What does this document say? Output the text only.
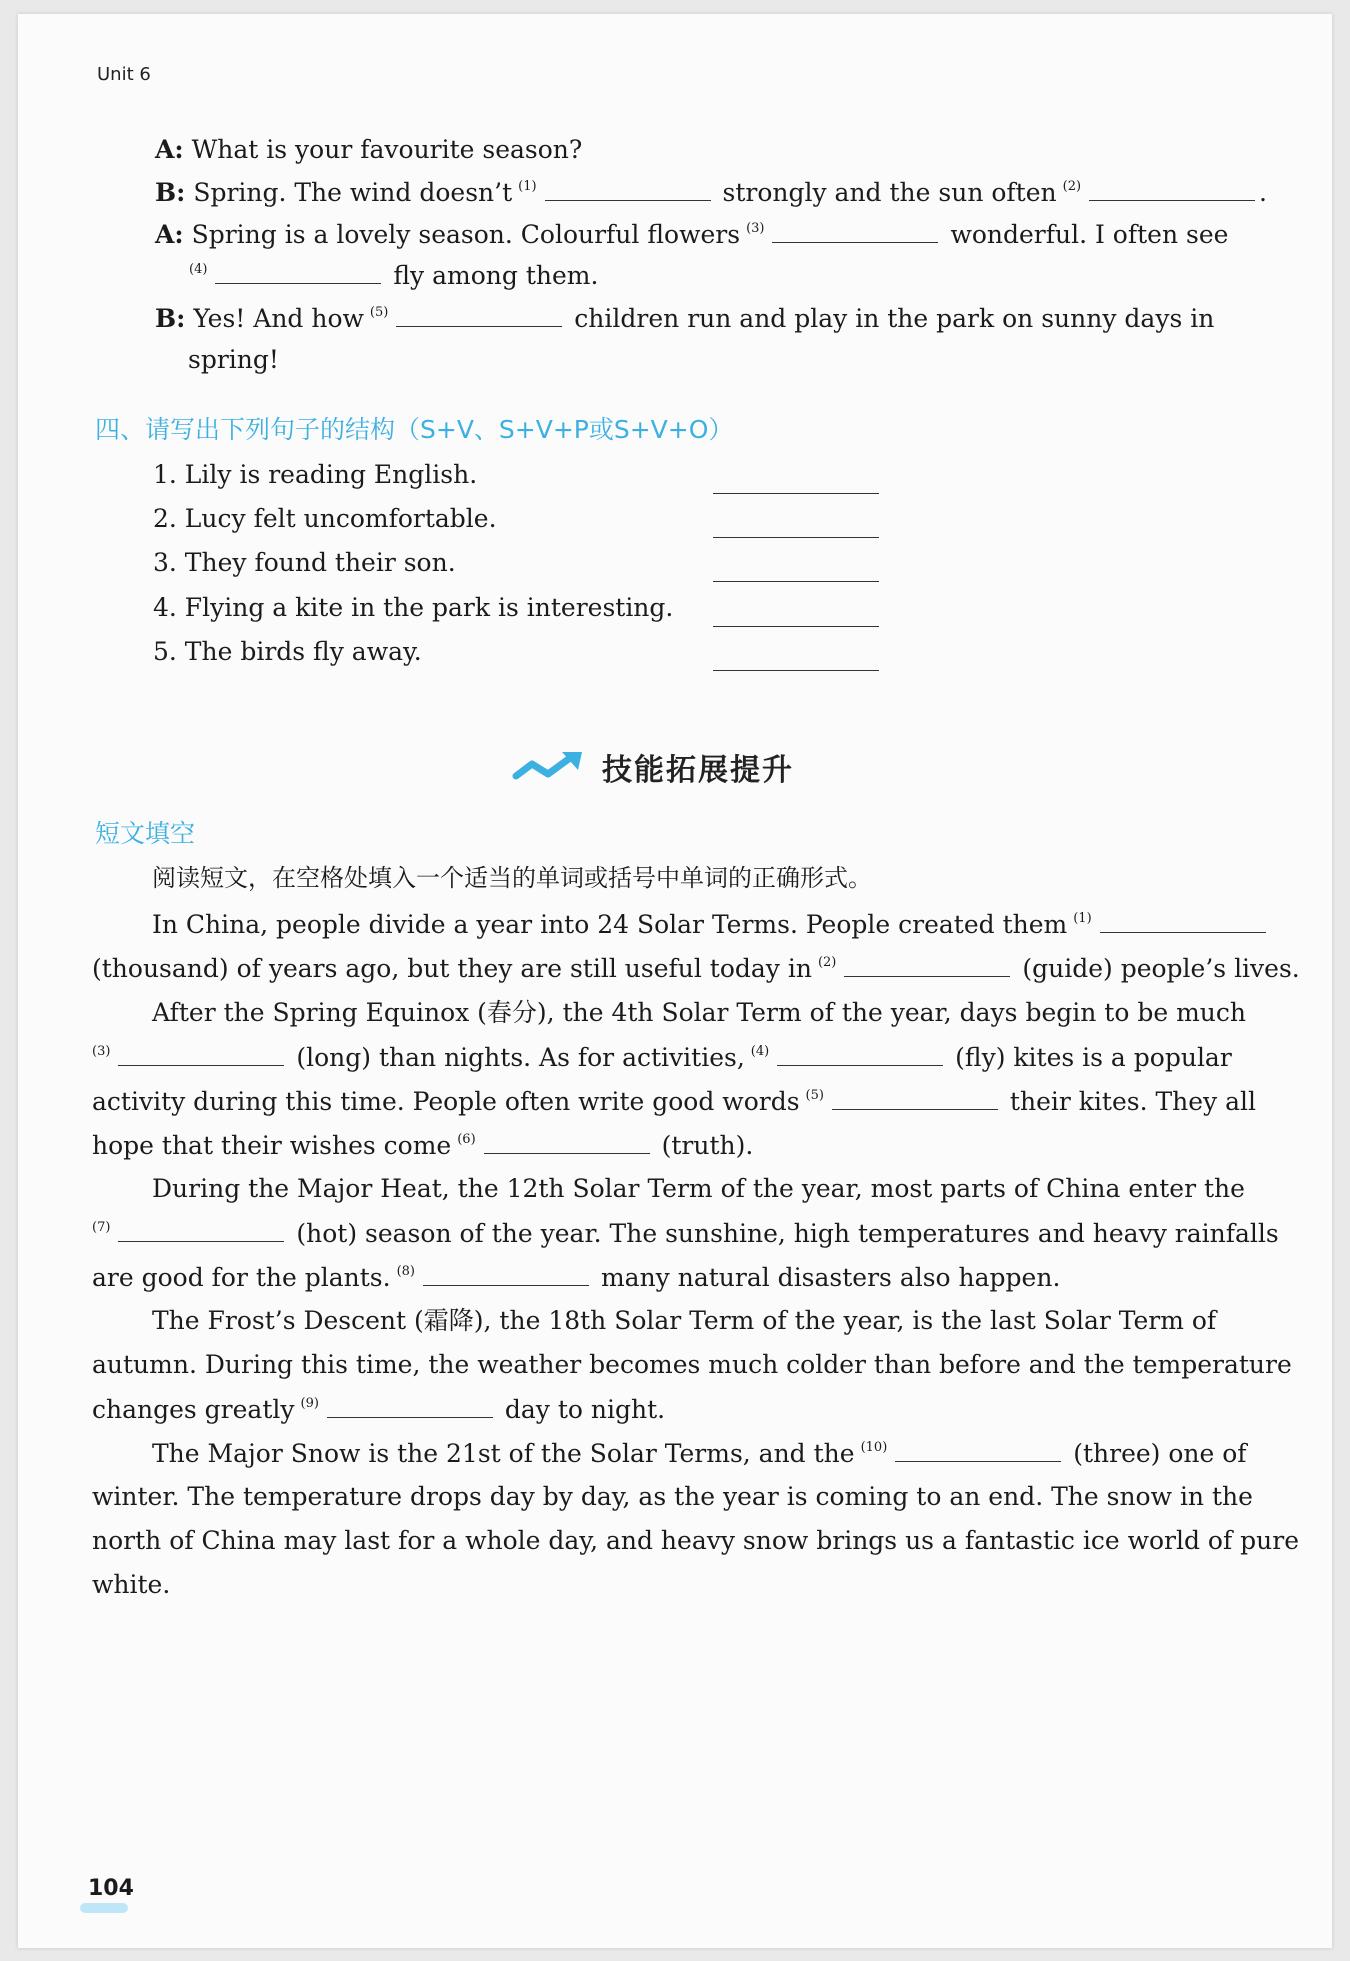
Unit 6
A: What is your favourite season?
B: Spring. The wind doesn’t $^{(1)}$	strongly and the sun often $^{(2)}$	.
A: Spring is a lovely season. Colourful flowers $^{(3)}$	wonderful. I often see
$^{(4)}$	fly among them.
B: Yes! And how $^{(5)}$	children run and play in the park on sunny days in
spring!
四、请写出下列句子的结构（S+V、S+V+P或S+V+O）
1. Lily is reading English.
2. Lucy felt uncomfortable.
3. They found their son.
4. Flying a kite in the park is interesting.
5. The birds fly away.
技能拓展提升
短文填空
阅读短文，在空格处填入一个适当的单词或括号中单词的正确形式。
In China, people divide a year into 24 Solar Terms. People created them $^{(1)}$
(thousand) of years ago, but they are still useful today in $^{(2)}$	(guide) people’s lives.
After the Spring Equinox (春分), the 4th Solar Term of the year, days begin to be much
$^{(3)}$	(long) than nights. As for activities, $^{(4)}$	(fly) kites is a popular
activity during this time. People often write good words $^{(5)}$	their kites. They all
hope that their wishes come $^{(6)}$	(truth).
During the Major Heat, the 12th Solar Term of the year, most parts of China enter the
$^{(7)}$	(hot) season of the year. The sunshine, high temperatures and heavy rainfalls
are good for the plants. $^{(8)}$	many natural disasters also happen.
The Frost’s Descent (霜降), the 18th Solar Term of the year, is the last Solar Term of
autumn. During this time, the weather becomes much colder than before and the temperature
changes greatly $^{(9)}$	day to night.
The Major Snow is the 21st of the Solar Terms, and the $^{(10)}$	(three) one of
winter. The temperature drops day by day, as the year is coming to an end. The snow in the
north of China may last for a whole day, and heavy snow brings us a fantastic ice world of pure
white.
104
